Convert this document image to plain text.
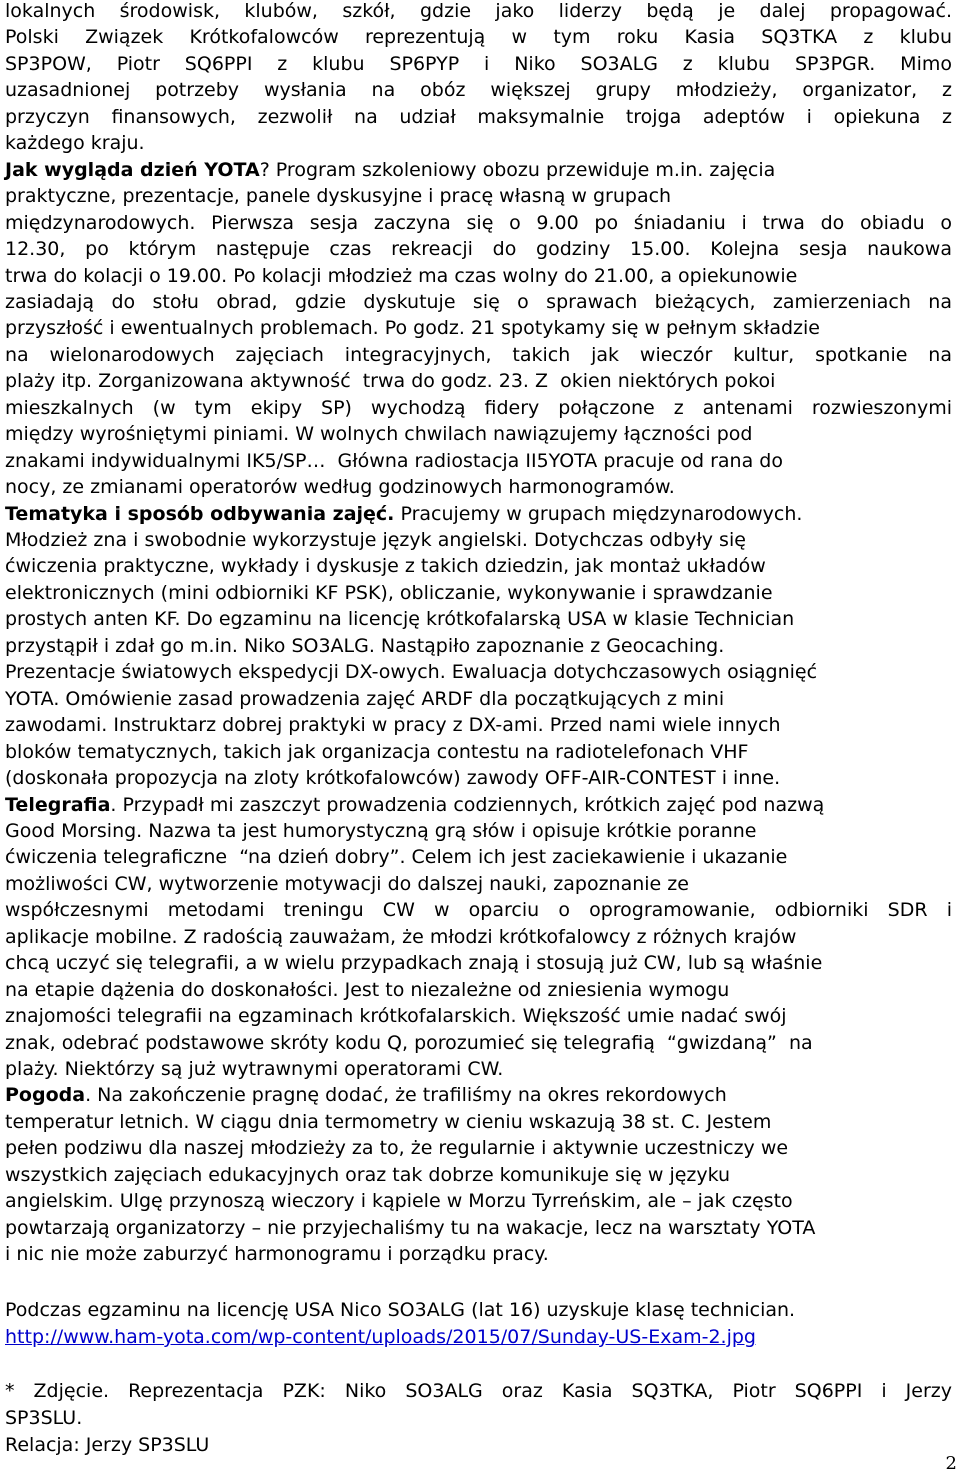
lokalnych środowisk, klubów, szkół, gdzie jako liderzy będą je dalej propagować.
Polski Związek Krótkofalowców reprezentują w tym roku Kasia SQ3TKA z klubu
SP3POW, Piotr SQ6PPI z klubu SP6PYP i Niko SO3ALG z klubu SP3PGR. Mimo
uzasadnionej potrzeby wysłania na obóz większej grupy młodzieży, organizator, z
przyczyn finansowych, zezwolił na udział maksymalnie trojga adeptów i opiekuna z
każdego kraju.
Jak wygląda dzień YOTA? Program szkoleniowy obozu przewiduje m.in. zajęcia
praktyczne, prezentacje, panele dyskusyjne i pracę własną w grupach
międzynarodowych. Pierwsza sesja zaczyna się o 9.00 po śniadaniu i trwa do obiadu o
12.30, po którym następuje czas rekreacji do godziny 15.00. Kolejna sesja naukowa
trwa do kolacji o 19.00. Po kolacji młodzież ma czas wolny do 21.00, a opiekunowie
zasiadają do stołu obrad, gdzie dyskutuje się o sprawach bieżących, zamierzeniach na
przyszłość i ewentualnych problemach. Po godz. 21 spotykamy się w pełnym składzie
na wielonarodowych zajęciach integracyjnych, takich jak wieczór kultur, spotkanie na
plaży itp. Zorganizowana aktywność  trwa do godz. 23. Z  okien niektórych pokoi
mieszkalnych (w tym ekipy SP) wychodzą fidery połączone z antenami rozwieszonymi
między wyrośniętymi piniami. W wolnych chwilach nawiązujemy łączności pod
znakami indywidualnymi IK5/SP…  Główna radiostacja II5YOTA pracuje od rana do
nocy, ze zmianami operatorów według godzinowych harmonogramów.
Tematyka i sposób odbywania zajęć. Pracujemy w grupach międzynarodowych.
Młodzież zna i swobodnie wykorzystuje język angielski. Dotychczas odbyły się
ćwiczenia praktyczne, wykłady i dyskusje z takich dziedzin, jak montaż układów
elektronicznych (mini odbiorniki KF PSK), obliczanie, wykonywanie i sprawdzanie
prostych anten KF. Do egzaminu na licencję krótkofalarską USA w klasie Technician
przystąpił i zdał go m.in. Niko SO3ALG. Nastąpiło zapoznanie z Geocaching.
Prezentacje światowych ekspedycji DX-owych. Ewaluacja dotychczasowych osiągnięć
YOTA. Omówienie zasad prowadzenia zajęć ARDF dla początkujących z mini
zawodami. Instruktarz dobrej praktyki w pracy z DX-ami. Przed nami wiele innych
bloków tematycznych, takich jak organizacja contestu na radiotelefonach VHF
(doskonała propozycja na zloty krótkofalowców) zawody OFF-AIR-CONTEST i inne.
Telegrafia. Przypadł mi zaszczyt prowadzenia codziennych, krótkich zajęć pod nazwą
Good Morsing. Nazwa ta jest humorystyczną grą słów i opisuje krótkie poranne
ćwiczenia telegraficzne  “na dzień dobry”. Celem ich jest zaciekawienie i ukazanie
możliwości CW, wytworzenie motywacji do dalszej nauki, zapoznanie ze
współczesnymi metodami treningu CW w oparciu o oprogramowanie, odbiorniki SDR i
aplikacje mobilne. Z radością zauważam, że młodzi krótkofalowcy z różnych krajów
chcą uczyć się telegrafii, a w wielu przypadkach znają i stosują już CW, lub są właśnie
na etapie dążenia do doskonałości. Jest to niezależne od zniesienia wymogu
znajomości telegrafii na egzaminach krótkofalarskich. Większość umie nadać swój
znak, odebrać podstawowe skróty kodu Q, porozumieć się telegrafią  “gwizdaną”  na
plaży. Niektórzy są już wytrawnymi operatorami CW.
Pogoda. Na zakończenie pragnę dodać, że trafiliśmy na okres rekordowych
temperatur letnich. W ciągu dnia termometry w cieniu wskazują 38 st. C. Jestem
pełen podziwu dla naszej młodzieży za to, że regularnie i aktywnie uczestniczy we
wszystkich zajęciach edukacyjnych oraz tak dobrze komunikuje się w języku
angielskim. Ulgę przynoszą wieczory i kąpiele w Morzu Tyrreńskim, ale – jak często
powtarzają organizatorzy – nie przyjechaliśmy tu na wakacje, lecz na warsztaty YOTA
i nic nie może zaburzyć harmonogramu i porządku pracy.
Podczas egzaminu na licencję USA Nico SO3ALG (lat 16) uzyskuje klasę technician.
http://www.ham-yota.com/wp-content/uploads/2015/07/Sunday-US-Exam-2.jpg
* Zdjęcie. Reprezentacja PZK: Niko SO3ALG oraz Kasia SQ3TKA, Piotr SQ6PPI i Jerzy
SP3SLU.
Relacja: Jerzy SP3SLU
2
